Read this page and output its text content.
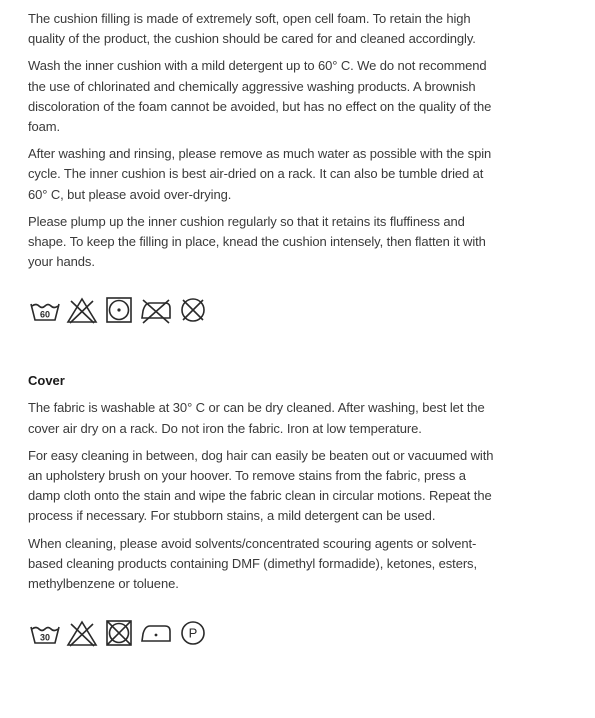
The cushion filling is made of extremely soft, open cell foam. To retain the high quality of the product, the cushion should be cared for and cleaned accordingly.

Wash the inner cushion with a mild detergent up to 60° C. We do not recommend the use of chlorinated and chemically aggressive washing products. A brownish discoloration of the foam cannot be avoided, but has no effect on the quality of the foam.

After washing and rinsing, please remove as much water as possible with the spin cycle. The inner cushion is best air-dried on a rack. It can also be tumble dried at 60° C, but please avoid over-drying.

Please plump up the inner cushion regularly so that it retains its fluffiness and shape. To keep the filling in place, knead the cushion intensely, then flatten it with your hands.

60
Cover

The fabric is washable at 30° C or can be dry cleaned. After washing, best let the cover air dry on a rack. Do not iron the fabric. Iron at low temperature.

For easy cleaning in between, dog hair can easily be beaten out or vacuumed with an upholstery brush on your hoover. To remove stains from the fabric, press a damp cloth onto the stain and wipe the fabric clean in circular motions. Repeat the process if necessary. For stubborn stains, a mild detergent can be used.

When cleaning, please avoid solvents/concentrated scouring agents or solvent-based cleaning products containing DMF (dimethyl formadide), ketones, esters, methylbenzene or toluene.

30	P
